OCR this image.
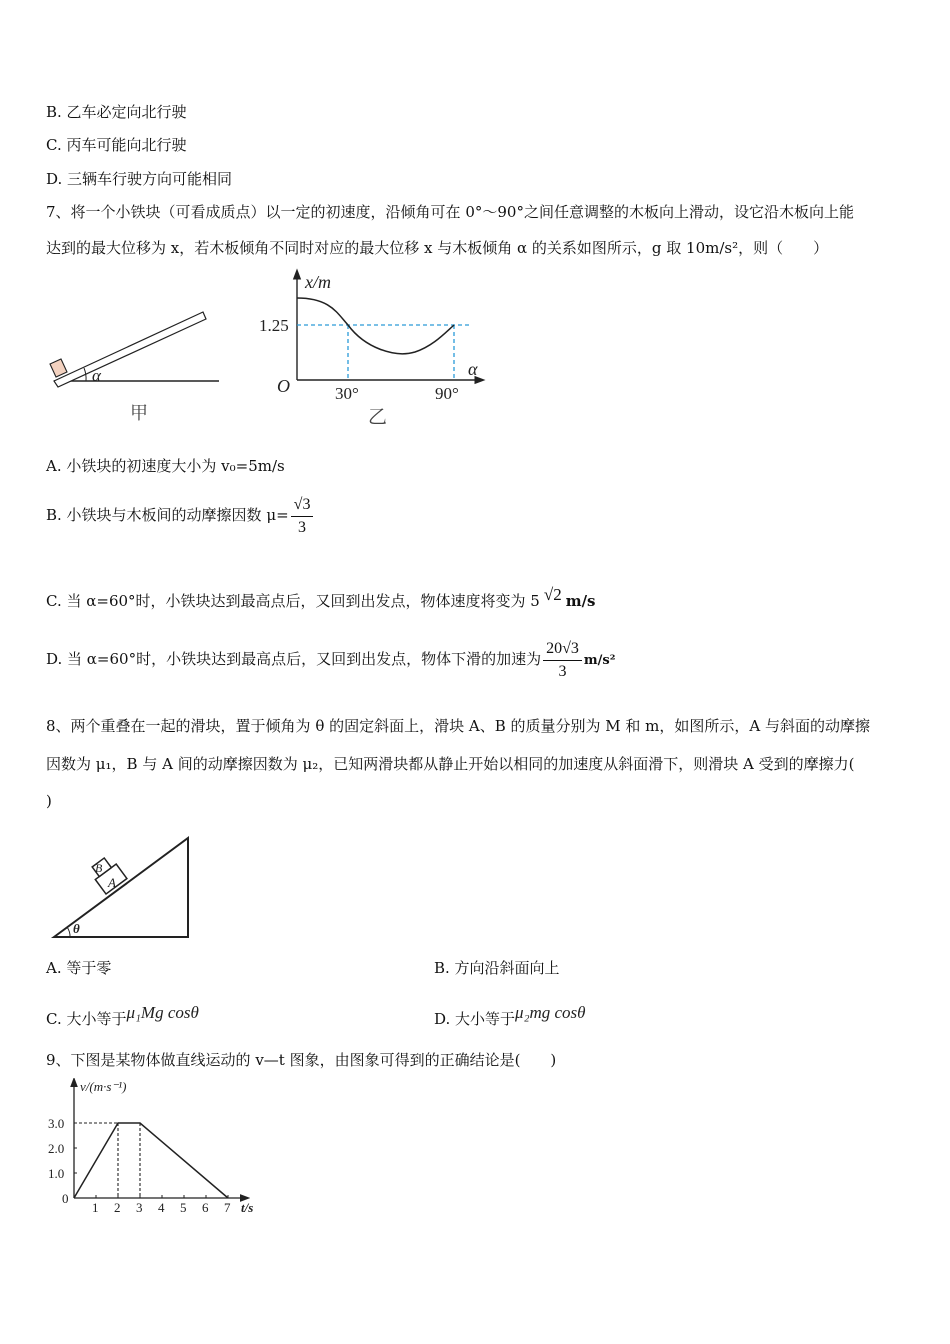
B. 乙车必定向北行驶
C. 丙车可能向北行驶
D. 三辆车行驶方向可能相同
7、将一个小铁块（可看成质点）以一定的初速度，沿倾角可在 0°～90°之间任意调整的木板向上滑动，设它沿木板向上能
达到的最大位移为 x，若木板倾角不同时对应的最大位移 x 与木板倾角 α 的关系如图所示，g 取 10m/s²，则（　　）
α
甲
x/m
α
O
1.25
30°	90°
乙
A. 小铁块的初速度大小为 v₀=5m/s
B. 小铁块与木板间的动摩擦因数 $\mu= \frac{√3}{3}$
C. 当 α=60°时，小铁块达到最高点后，又回到出发点，物体速度将变为 5 √2 m/s
D. 当 α=60°时，小铁块达到最高点后，又回到出发点，物体下滑的加速为 $\frac{20√3}{3} m/s^2$
8、两个重叠在一起的滑块，置于倾角为 θ 的固定斜面上，滑块 A、B 的质量分别为 M 和 m，如图所示，A 与斜面的动摩擦
因数为 μ₁，B 与 A 间的动摩擦因数为 μ₂，已知两滑块都从静止开始以相同的加速度从斜面滑下，则滑块 A 受到的摩擦力(
)
B
A
θ
A. 等于零	B. 方向沿斜面向上
C. 大小等于μ₁Mg cosθ	D. 大小等于μ₂mg cosθ
9、下图是某物体做直线运动的 v—t 图象，由图象可得到的正确结论是(　　)
v/(m·s⁻¹)
t/s
1 2 3 4 5 6 7
0
1.0
2.0
3.0
